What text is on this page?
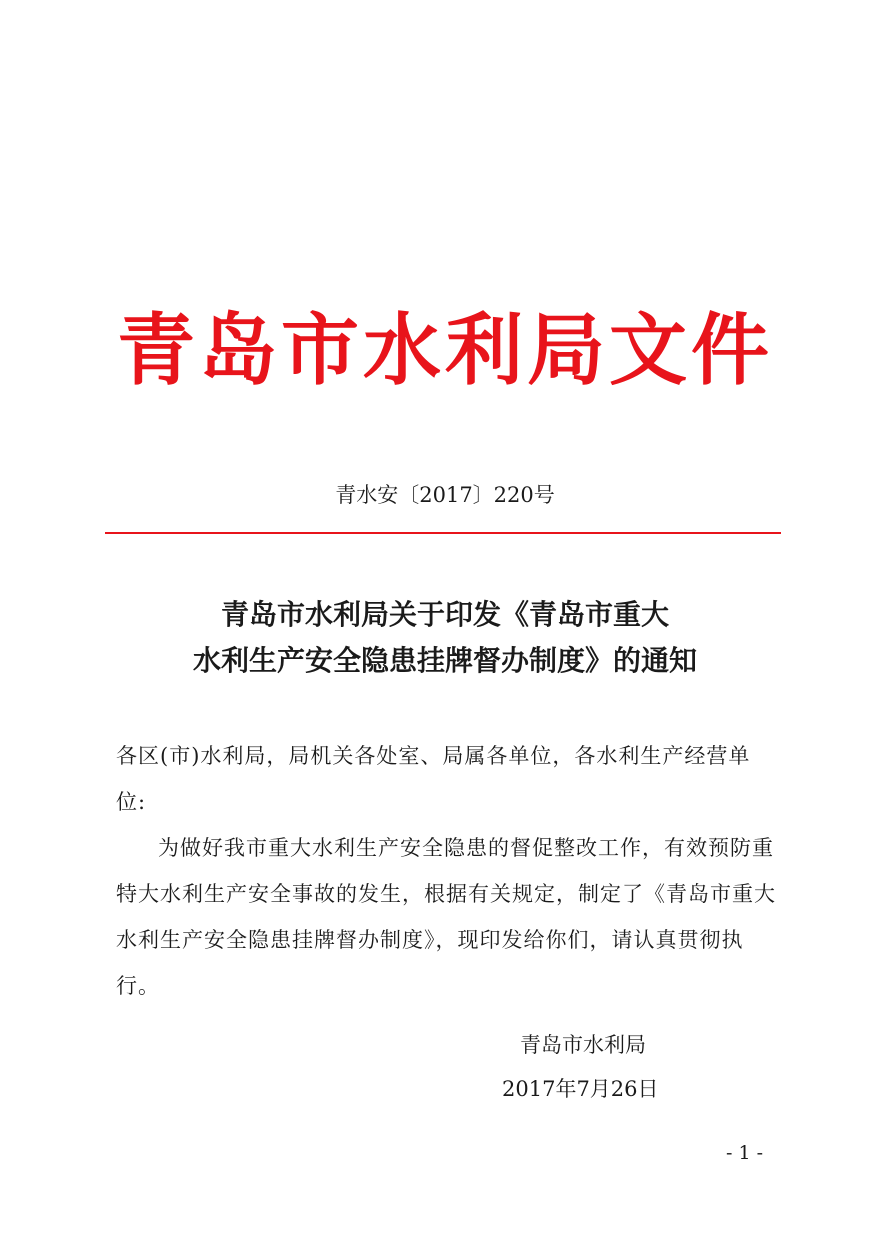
青岛市水利局文件
青水安〔2017〕220号
青岛市水利局关于印发《青岛市重大
水利生产安全隐患挂牌督办制度》的通知

各区(市)水利局，局机关各处室、局属各单位，各水利生产经营单位:

为做好我市重大水利生产安全隐患的督促整改工作，有效预防重特大水利生产安全事故的发生，根据有关规定，制定了《青岛市重大水利生产安全隐患挂牌督办制度》，现印发给你们，请认真贯彻执行。

青岛市水利局
2017年7月26日
- 1 -
